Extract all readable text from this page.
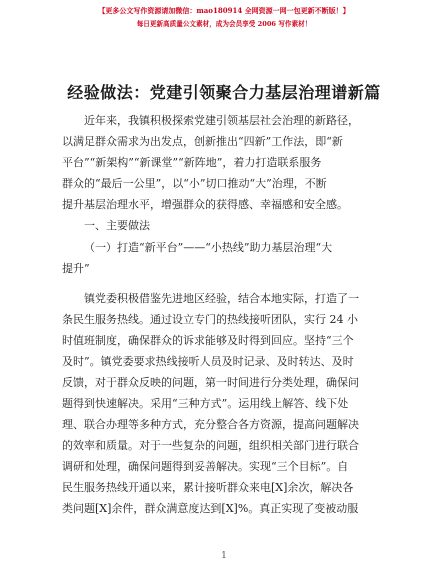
【更多公文写作资源请加微信：mao180914 全网资源一网一包更新不断版！】
每日更新高质量公文素材，成为会员享受 2006 写作素材！
经验做法：党建引领聚合力基层治理谱新篇
近年来，我镇积极探索党建引领基层社会治理的新路径，
以满足群众需求为出发点，创新推出“四新”工作法，即“新
平台”“新架构”“新课堂”“新阵地”，着力打造联系服务
群众的“最后一公里”，以“小”切口推动“大”治理，不断
提升基层治理水平，增强群众的获得感、幸福感和安全感。
一、主要做法
（一）打造“新平台”——“小热线”助力基层治理“大
提升”
镇党委积极借鉴先进地区经验，结合本地实际，打造了一
条民生服务热线。通过设立专门的热线接听团队，实行 24 小
时值班制度，确保群众的诉求能够及时得到回应。坚持“三个
及时”。镇党委要求热线接听人员及时记录、及时转达、及时
反馈，对于群众反映的问题，第一时间进行分类处理，确保问
题得到快速解决。采用“三种方式”。运用线上解答、线下处
理、联合办理等多种方式，充分整合各方资源，提高问题解决
的效率和质量。对于一些复杂的问题，组织相关部门进行联合
调研和处理，确保问题得到妥善解决。实现“三个目标”。自
民生服务热线开通以来，累计接听群众来电[X]余次，解决各
类问题[X]余件，群众满意度达到[X]%。真正实现了变被动服
1
